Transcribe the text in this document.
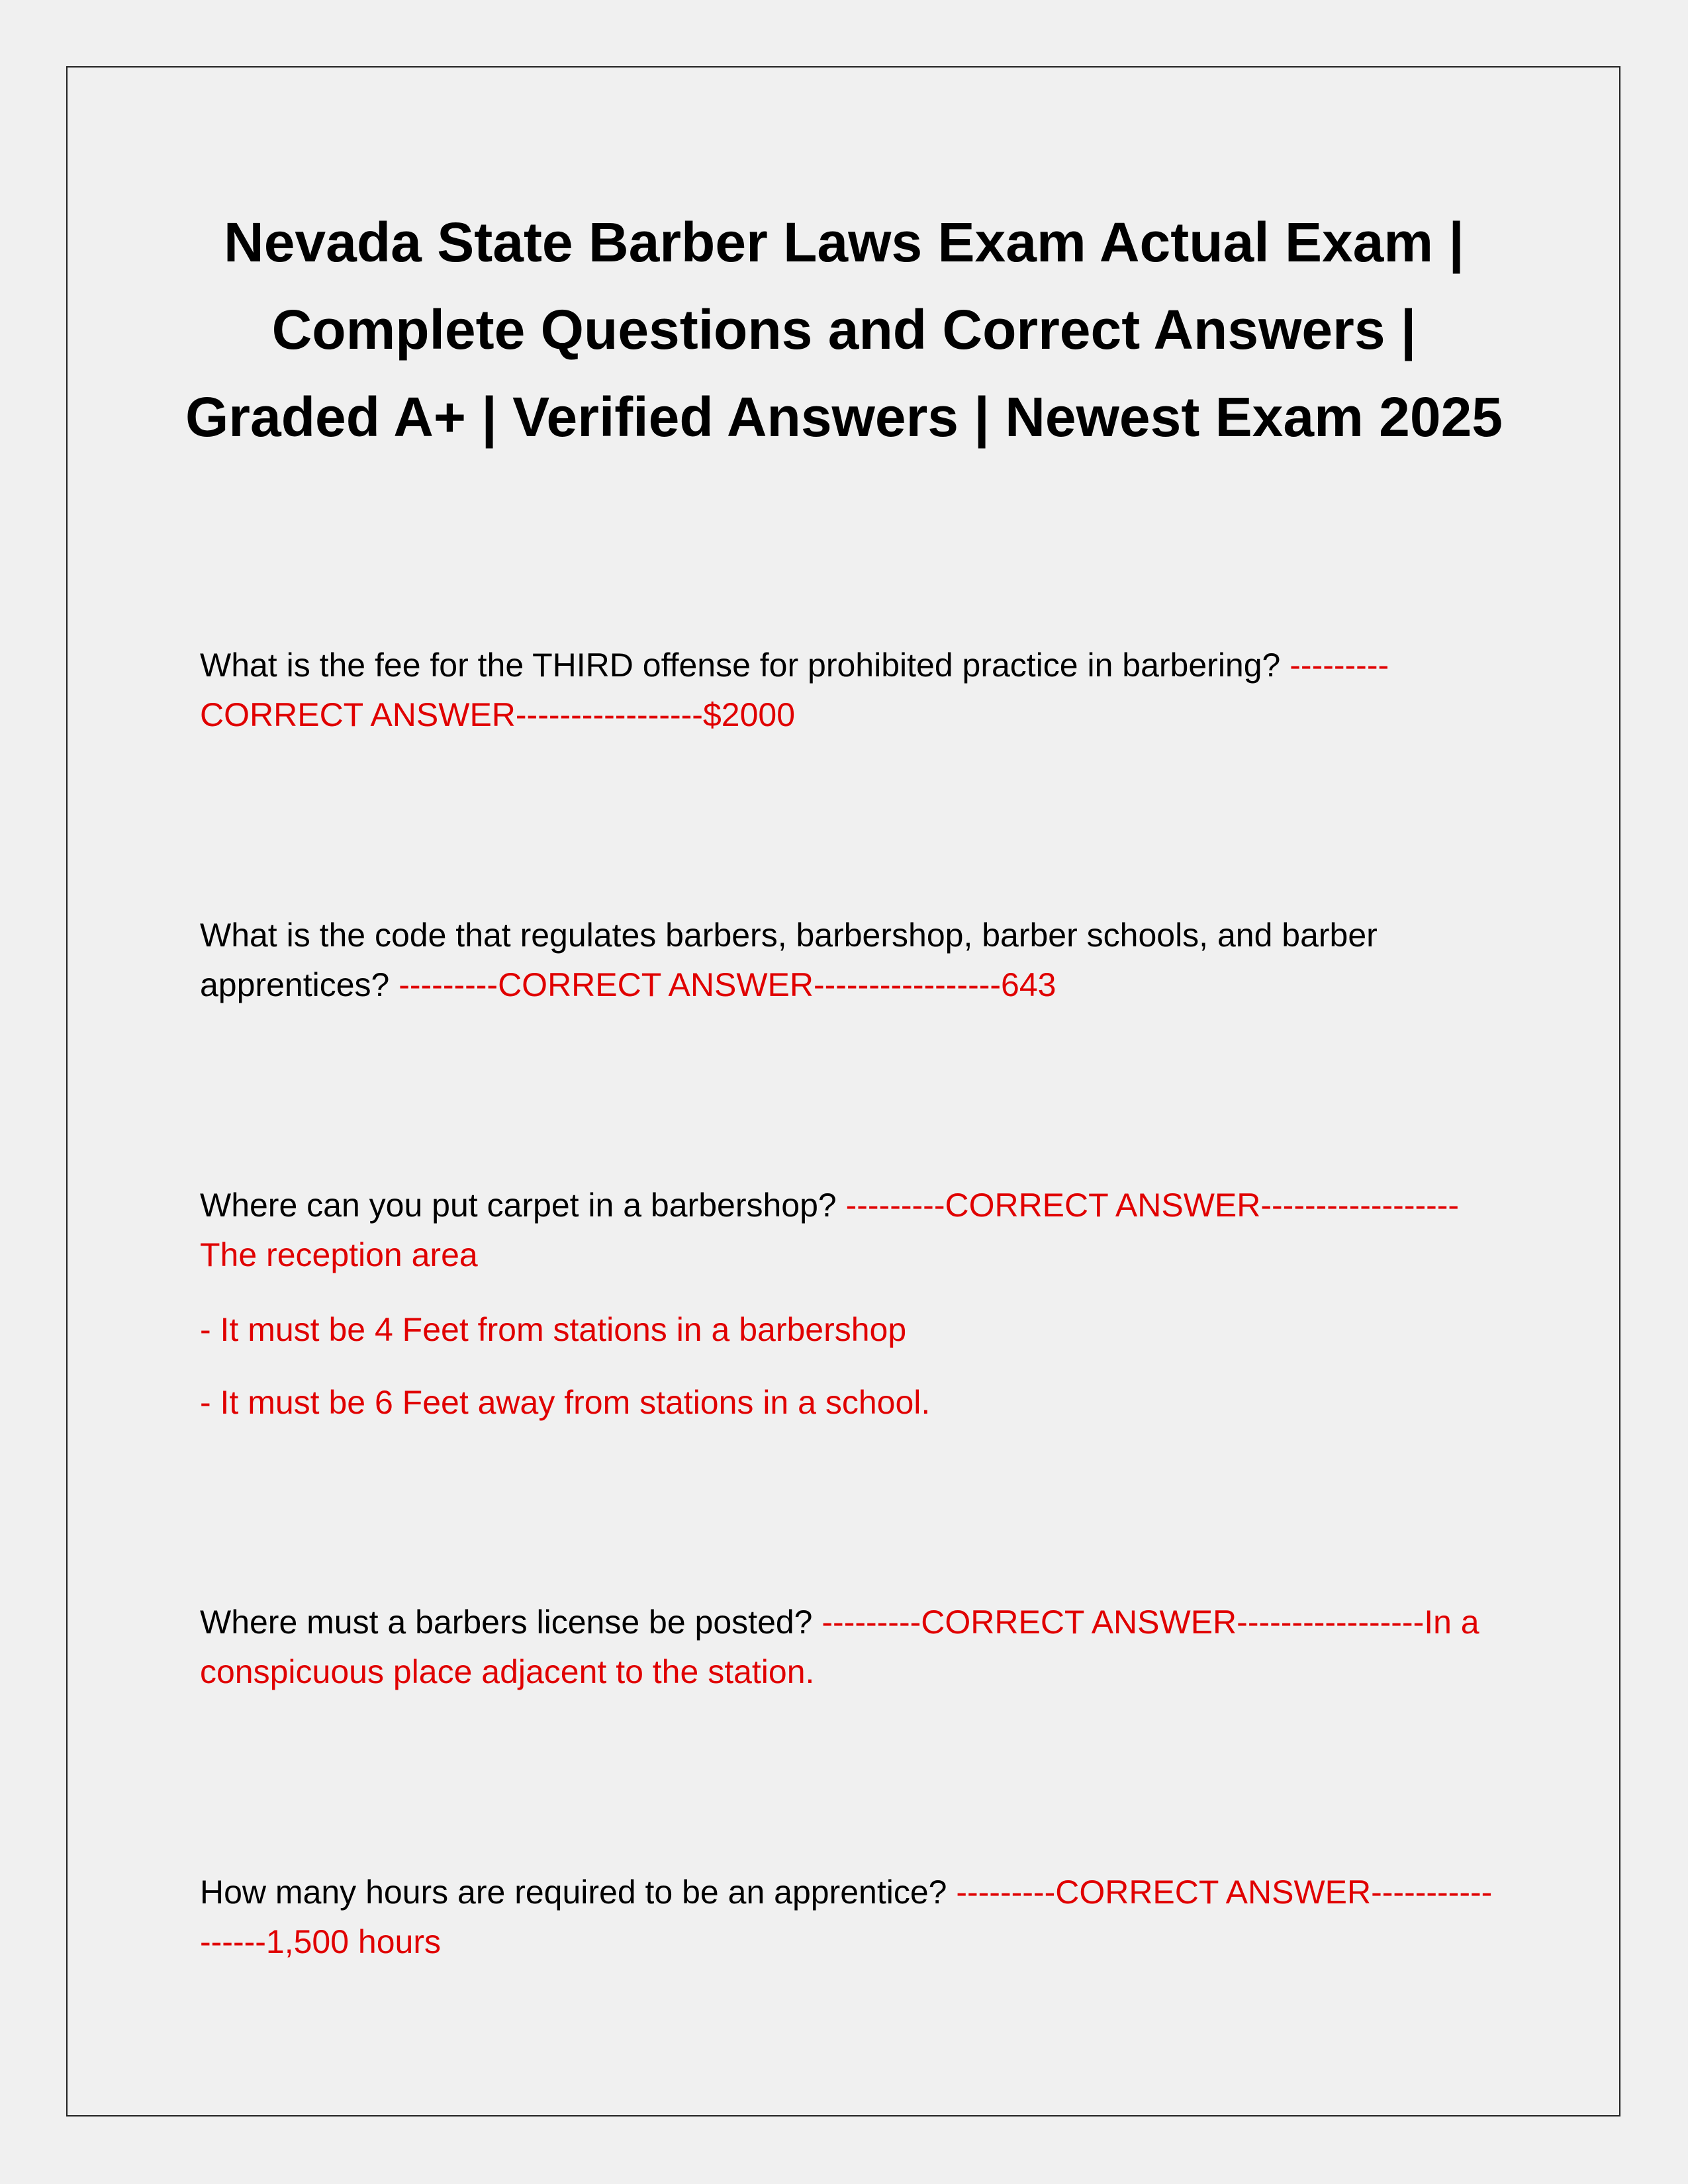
Nevada State Barber Laws Exam Actual Exam | Complete Questions and Correct Answers | Graded A+ | Verified Answers | Newest Exam 2025

What is the fee for the THIRD offense for prohibited practice in barbering? ---------CORRECT ANSWER-----------------$2000

What is the code that regulates barbers, barbershop, barber schools, and barber apprentices? ---------CORRECT ANSWER-----------------643

Where can you put carpet in a barbershop? ---------CORRECT ANSWER------------------ The reception area

- It must be 4 Feet from stations in a barbershop

- It must be 6 Feet away from stations in a school.

Where must a barbers license be posted? ---------CORRECT ANSWER-----------------In a conspicuous place adjacent to the station.

How many hours are required to be an apprentice? ---------CORRECT ANSWER-----------------1,500 hours
